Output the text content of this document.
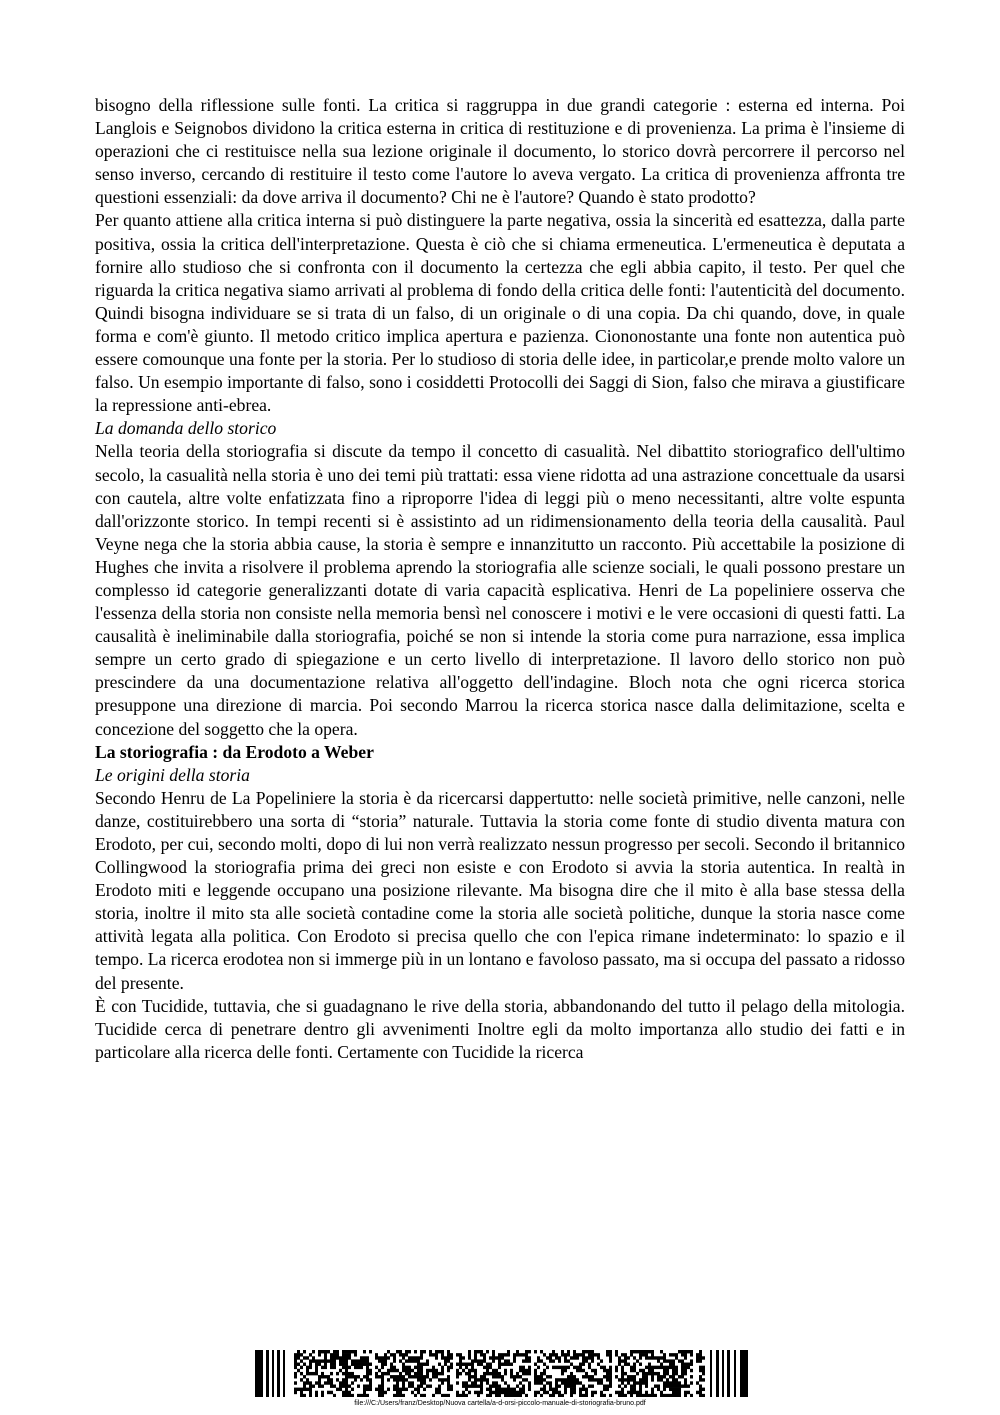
bisogno della riflessione sulle fonti. La critica si raggruppa in due grandi categorie : esterna ed interna. Poi Langlois e Seignobos dividono la critica esterna in critica di restituzione e di provenienza. La prima è l'insieme di operazioni che ci restituisce nella sua lezione originale il documento, lo storico dovrà percorrere il percorso nel senso inverso, cercando di restituire il testo come l'autore lo aveva vergato. La critica di provenienza affronta tre questioni essenziali: da dove arriva il documento? Chi ne è l'autore? Quando è stato prodotto?

Per quanto attiene alla critica interna si può distinguere la parte negativa, ossia la sincerità ed esattezza, dalla parte positiva, ossia la critica dell'interpretazione. Questa è ciò che si chiama ermeneutica. L'ermeneutica è deputata a fornire allo studioso che si confronta con il documento la certezza che egli abbia capito, il testo. Per quel che riguarda la critica negativa siamo arrivati al problema di fondo della critica delle fonti: l'autenticità del documento. Quindi bisogna individuare se si trata di un falso, di un originale o di una copia. Da chi quando, dove, in quale forma e com'è giunto. Il metodo critico implica apertura e pazienza. Ciononostante una fonte non autentica può essere comounque una fonte per la storia. Per lo studioso di storia delle idee, in particolar,e prende molto valore un falso. Un esempio importante di falso, sono i cosiddetti Protocolli dei Saggi di Sion, falso che mirava a giustificare la repressione anti-ebrea.

La domanda dello storico

Nella teoria della storiografia si discute da tempo il concetto di casualità. Nel dibattito storiografico dell'ultimo secolo, la casualità nella storia è uno dei temi più trattati: essa viene ridotta ad una astrazione concettuale da usarsi con cautela, altre volte enfatizzata fino a riproporre l'idea di leggi più o meno necessitanti, altre volte espunta dall'orizzonte storico. In tempi recenti si è assistinto ad un ridimensionamento della teoria della causalità. Paul Veyne nega che la storia abbia cause, la storia è sempre e innanzitutto un racconto. Più accettabile la posizione di Hughes che invita a risolvere il problema aprendo la storiografia alle scienze sociali, le quali possono prestare un complesso id categorie generalizzanti dotate di varia capacità esplicativa. Henri de La popeliniere osserva che l'essenza della storia non consiste nella memoria bensì nel conoscere i motivi e le vere occasioni di questi fatti. La causalità è ineliminabile dalla storiografia, poiché se non si intende la storia come pura narrazione, essa implica sempre un certo grado di spiegazione e un certo livello di interpretazione. Il lavoro dello storico non può prescindere da una documentazione relativa all'oggetto dell'indagine. Bloch nota che ogni ricerca storica presuppone una direzione di marcia. Poi secondo Marrou la ricerca storica nasce dalla delimitazione, scelta e concezione del soggetto che la opera.

La storiografia : da Erodoto a Weber

Le origini della storia

Secondo Henru de La Popeliniere la storia è da ricercarsi dappertutto: nelle società primitive, nelle canzoni, nelle danze, costituirebbero una sorta di “storia” naturale. Tuttavia la storia come fonte di studio diventa matura con Erodoto, per cui, secondo molti, dopo di lui non verrà realizzato nessun progresso per secoli. Secondo il britannico Collingwood la storiografia prima dei greci non esiste e con Erodoto si avvia la storia autentica. In realtà in Erodoto miti e leggende occupano una posizione rilevante. Ma bisogna dire che il mito è alla base stessa della storia, inoltre il mito sta alle società contadine come la storia alle società politiche, dunque la storia nasce come attività legata alla politica. Con Erodoto si precisa quello che con l'epica rimane indeterminato: lo spazio e il tempo. La ricerca erodotea non si immerge più in un lontano e favoloso passato, ma si occupa del passato a ridosso del presente.

È con Tucidide, tuttavia, che si guadagnano le rive della storia, abbandonando del tutto il pelago della mitologia. Tucidide cerca di penetrare dentro gli avvenimenti Inoltre egli da molto importanza allo studio dei fatti e in particolare alla ricerca delle fonti. Certamente con Tucidide la ricerca

file:///C:/Users/franz/Desktop/Nuova cartella/a-d-orsi-piccolo-manuale-di-storiografia-bruno.pdf
